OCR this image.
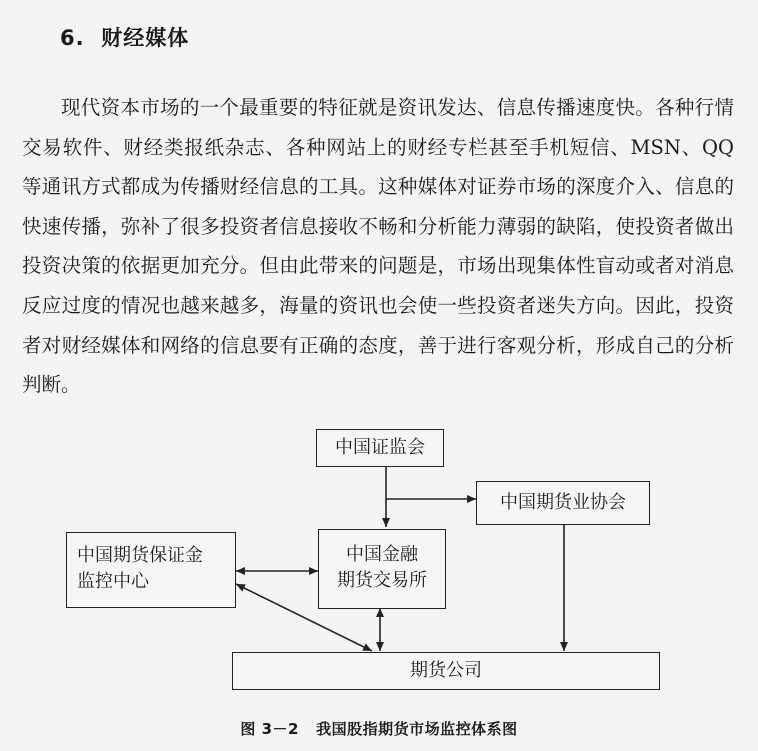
6. 财经媒体

现代资本市场的一个最重要的特征就是资讯发达、信息传播速度快。各种行情交易软件、财经类报纸杂志、各种网站上的财经专栏甚至手机短信、MSN、QQ 等通讯方式都成为传播财经信息的工具。这种媒体对证券市场的深度介入、信息的快速传播，弥补了很多投资者信息接收不畅和分析能力薄弱的缺陷，使投资者做出投资决策的依据更加充分。但由此带来的问题是，市场出现集体性盲动或者对消息反应过度的情况也越来越多，海量的资讯也会使一些投资者迷失方向。因此，投资者对财经媒体和网络的信息要有正确的态度，善于进行客观分析，形成自己的分析判断。

中国证监会
中国期货业协会
中国期货保证金
监控中心
中国金融
期货交易所
期货公司
图 3－2 我国股指期货市场监控体系图
